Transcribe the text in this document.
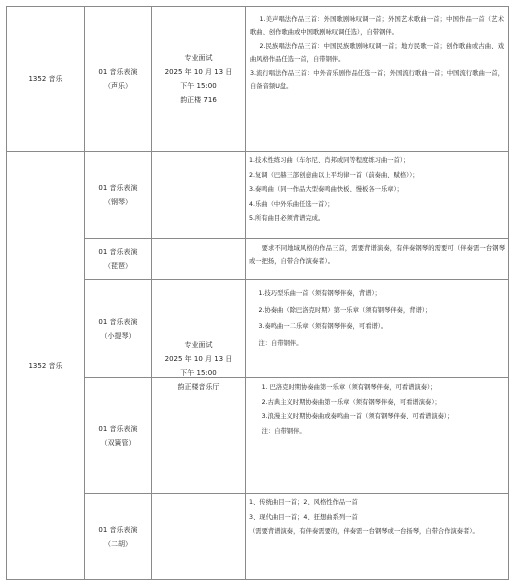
1352 音乐
01 音乐表演
（声乐）
专业面试
2025 年 10 月 13 日
下午 15:00
韵正楼 716

1.美声唱法作品三首：外国歌剧咏叹调一首；外国艺术歌曲一首；中国作品一首（艺术歌曲、创作歌曲或中国歌剧咏叹调任选），自带钢伴。

2.民族唱法作品三首：中国民族歌剧咏叹调一首；地方民歌一首；创作歌曲或古曲、戏曲风格作品任选一首，自带钢伴。

3.流行唱法作品三首：中外音乐剧作品任选一首；外国流行歌曲一首；中国流行歌曲一首，自备音频U盘。

1352 音乐
专业面试
2025 年 10 月 13 日
下午 15:00
韵正楼音乐厅
01 音乐表演
（钢琴）

1.技术性练习曲（车尔尼、肖邦或同等程度练习曲一首）；

2.复调（巴赫三部创意曲以上平均律一首（前奏曲、赋格））；

3.奏鸣曲（同一作品大型奏鸣曲快板、慢板各一乐章）；

4.乐曲（中外乐曲任选一首）；

5.所有曲目必须背谱完成。

01 音乐表演
（琵琶）

要求不同地域风格的作品三首，需要背谱演奏，有伴奏钢琴的需要可（伴奏需一台钢琴或一把扬，自带合作演奏者）。

01 音乐表演
（小提琴）

1.技巧型乐曲一首（须有钢琴伴奏，背谱）；

2.协奏曲（除巴洛克时期）第一乐章（须有钢琴伴奏，背谱）；

3.奏鸣曲一二乐章（须有钢琴伴奏，可看谱）。

注：自带钢伴。

01 音乐表演
（双簧管）

1. 巴洛克时期协奏曲第一乐章（须有钢琴伴奏，可看谱演奏）；

2.古典主义时期协奏曲第一乐章（须有钢琴伴奏，可看谱演奏）；

3.浪漫主义时期协奏曲或奏鸣曲一首（须有钢琴伴奏、可看谱演奏）；

注：自带钢伴。

01 音乐表演
（二胡）

1、传统曲目一首；2、风格性作品一首

3、现代曲目一首；4、狂想曲系列一首

（需要背谱演奏，有伴奏需要的，伴奏需一台钢琴或一台扬琴，自带合作演奏者）。
